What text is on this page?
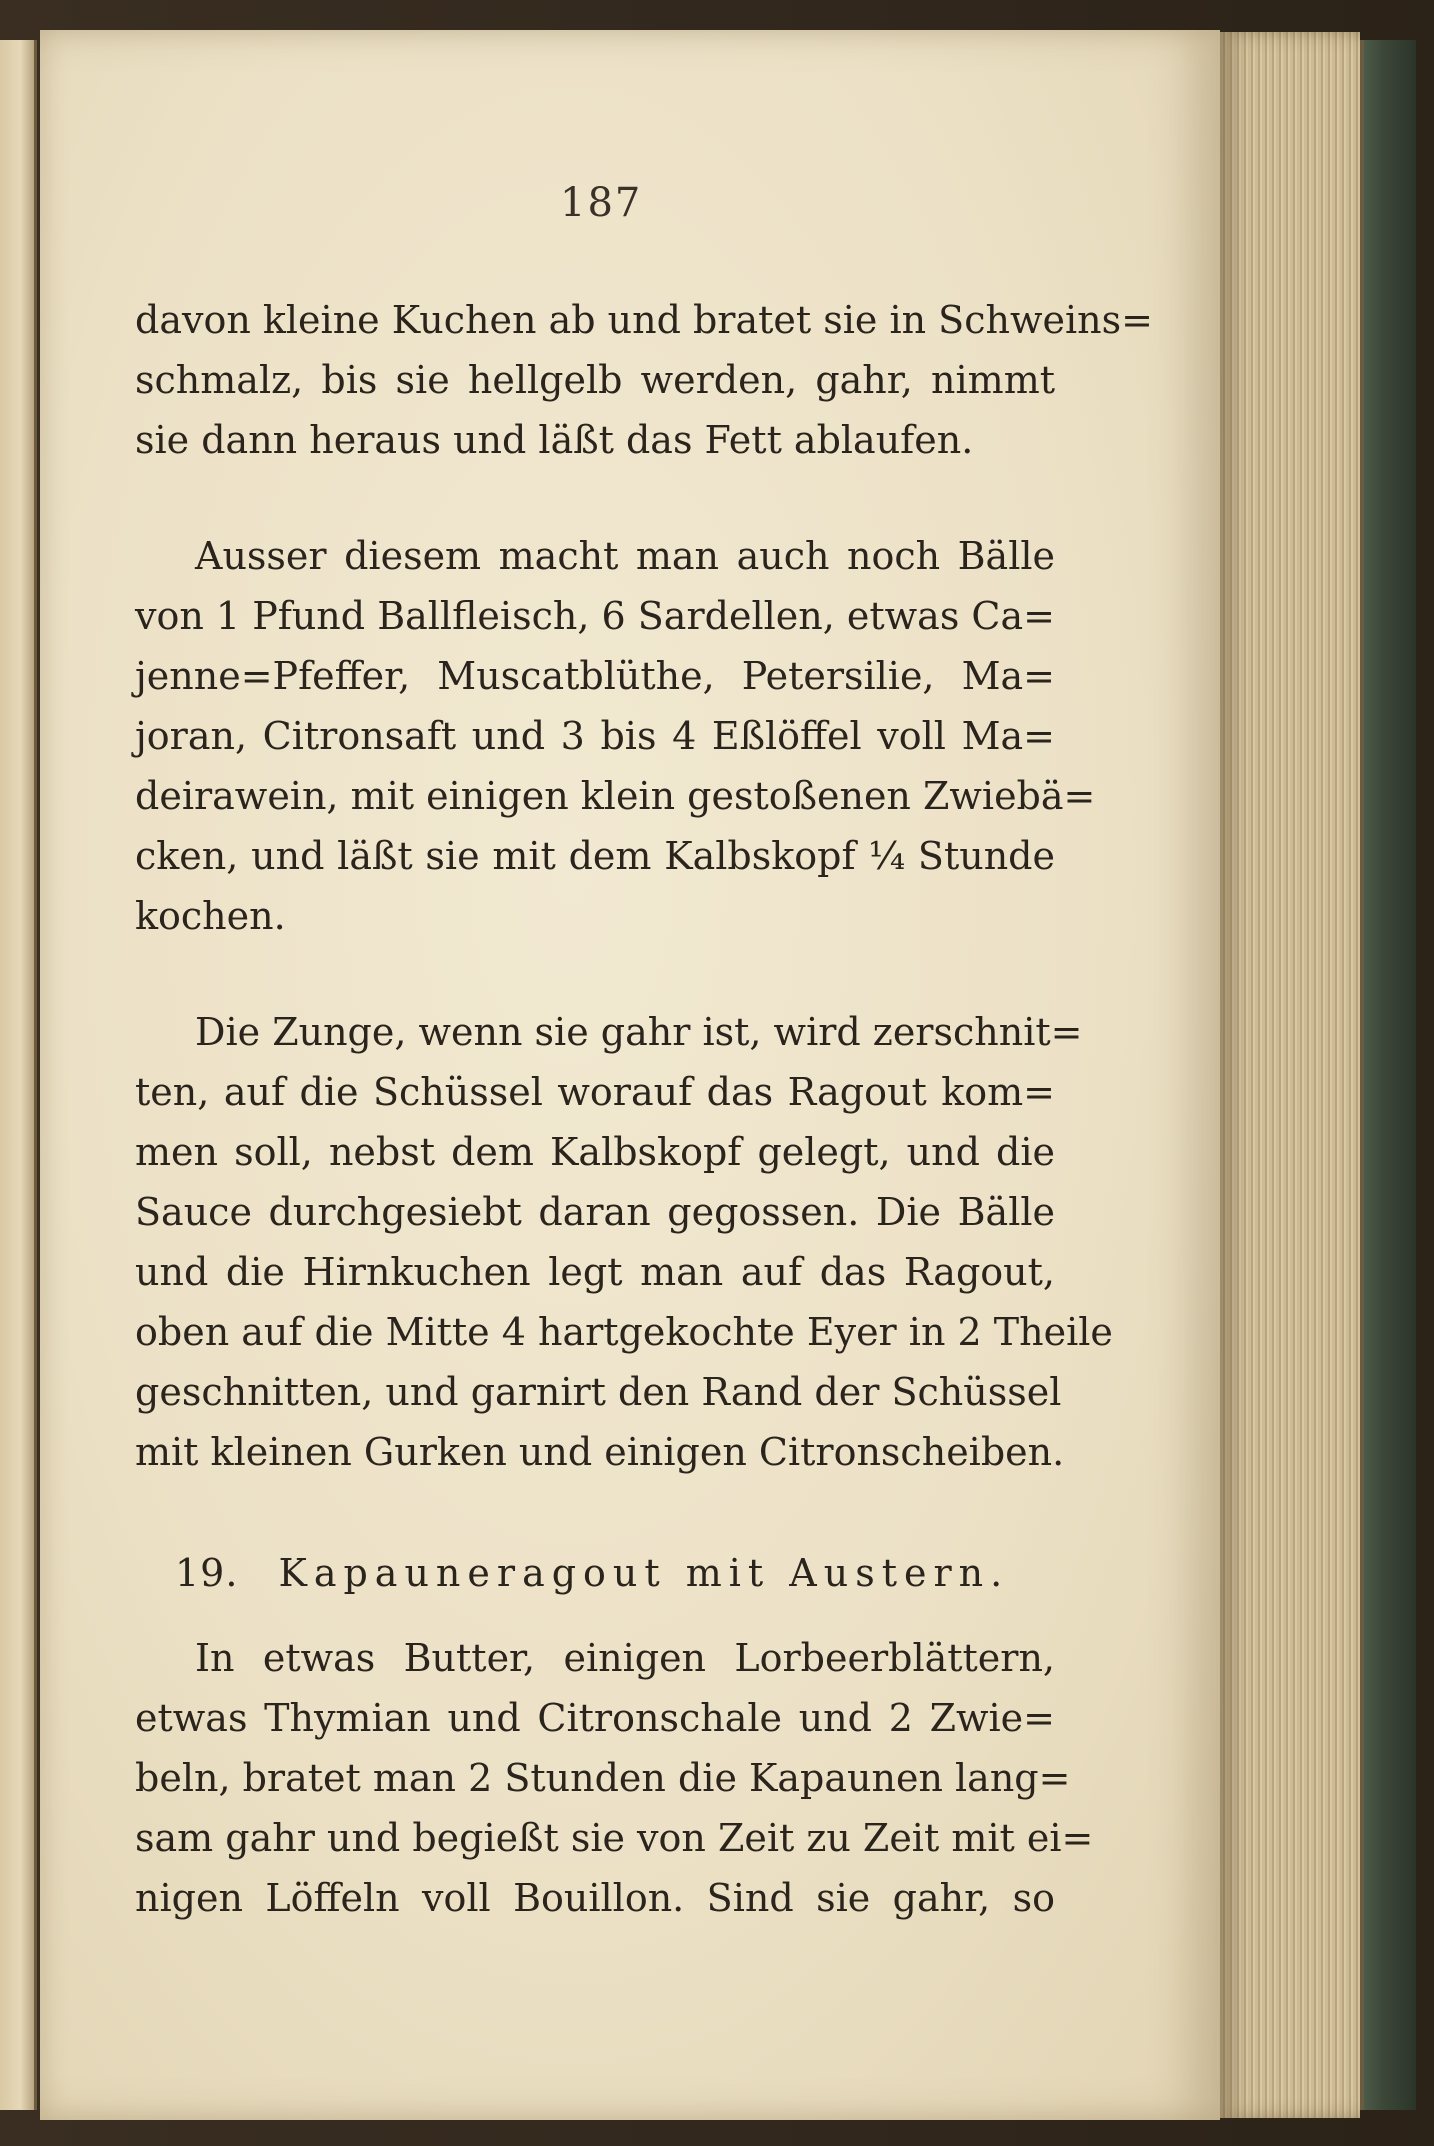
187
davon kleine Kuchen ab und bratet sie in Schweins=
schmalz, bis sie hellgelb werden, gahr, nimmt
sie dann heraus und läßt das Fett ablaufen.
Ausser diesem macht man auch noch Bälle
von 1 Pfund Ballfleisch, 6 Sardellen, etwas Ca=
jenne=Pfeffer, Muscatblüthe, Petersilie, Ma=
joran, Citronsaft und 3 bis 4 Eßlöffel voll Ma=
deirawein, mit einigen klein gestoßenen Zwiebä=
cken, und läßt sie mit dem Kalbskopf ¼ Stunde
kochen.
Die Zunge, wenn sie gahr ist, wird zerschnit=
ten, auf die Schüssel worauf das Ragout kom=
men soll, nebst dem Kalbskopf gelegt, und die
Sauce durchgesiebt daran gegossen. Die Bälle
und die Hirnkuchen legt man auf das Ragout,
oben auf die Mitte 4 hartgekochte Eyer in 2 Theile
geschnitten, und garnirt den Rand der Schüssel
mit kleinen Gurken und einigen Citronscheiben.
19. Kapauneragout mit Austern.
In etwas Butter, einigen Lorbeerblättern,
etwas Thymian und Citronschale und 2 Zwie=
beln, bratet man 2 Stunden die Kapaunen lang=
sam gahr und begießt sie von Zeit zu Zeit mit ei=
nigen Löffeln voll Bouillon. Sind sie gahr, so
